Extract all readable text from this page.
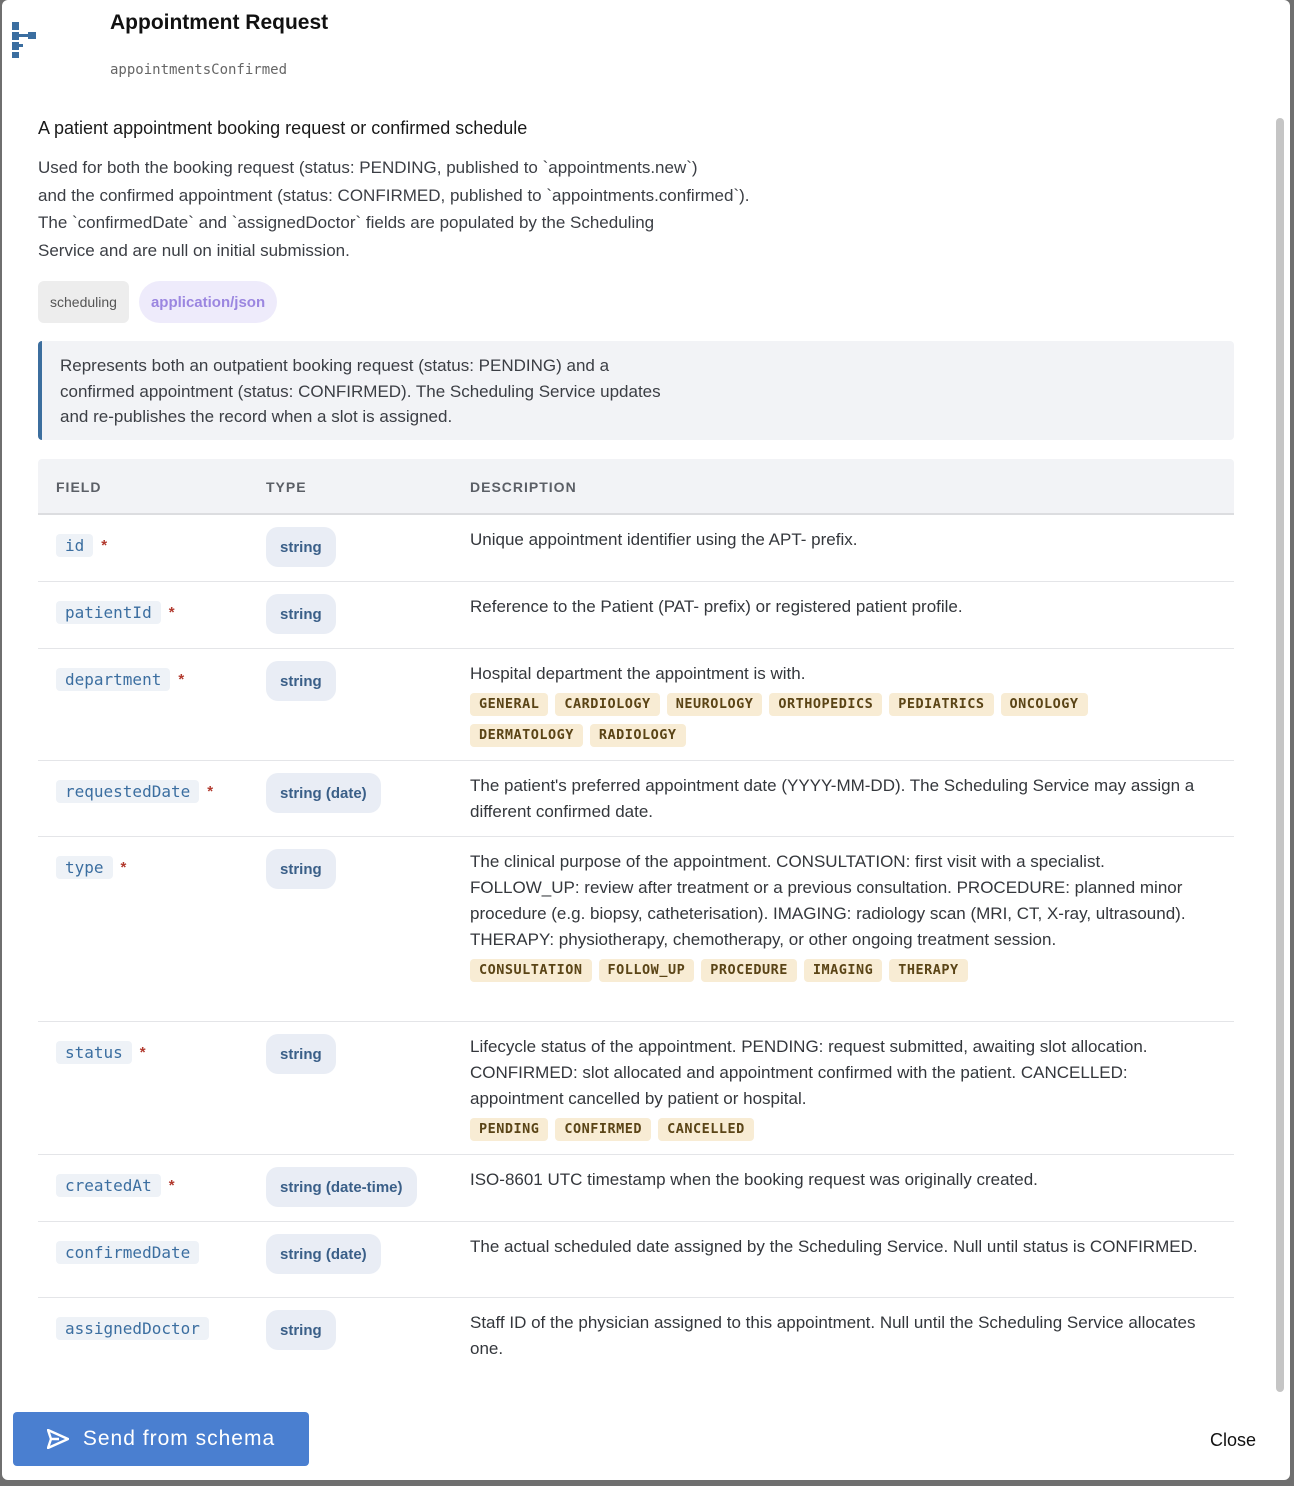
Appointment Request
appointmentsConfirmed
A patient appointment booking request or confirmed schedule
Used for both the booking request (status: PENDING, published to `appointments.new`)
and the confirmed appointment (status: CONFIRMED, published to `appointments.confirmed`).
The `confirmedDate` and `assignedDoctor` fields are populated by the Scheduling
Service and are null on initial submission.
scheduling	application/json
Represents both an outpatient booking request (status: PENDING) and a
confirmed appointment (status: CONFIRMED). The Scheduling Service updates
and re-publishes the record when a slot is assigned.
FIELD	TYPE	DESCRIPTION
id	*	string	Unique appointment identifier using the APT- prefix.
patientId	*	string	Reference to the Patient (PAT- prefix) or registered patient profile.
department	*	string	Hospital department the appointment is with.
GENERAL	CARDIOLOGY	NEUROLOGY	ORTHOPEDICS	PEDIATRICS	ONCOLOGY
DERMATOLOGY	RADIOLOGY
requestedDate	*	string (date)	The patient's preferred appointment date (YYYY-MM-DD). The Scheduling Service may assign a different confirmed date.
type	*	string	The clinical purpose of the appointment. CONSULTATION: first visit with a specialist. FOLLOW_UP: review after treatment or a previous consultation. PROCEDURE: planned minor procedure (e.g. biopsy, catheterisation). IMAGING: radiology scan (MRI, CT, X-ray, ultrasound). THERAPY: physiotherapy, chemotherapy, or other ongoing treatment session.
CONSULTATION	FOLLOW_UP	PROCEDURE	IMAGING	THERAPY
status	*	string	Lifecycle status of the appointment. PENDING: request submitted, awaiting slot allocation. CONFIRMED: slot allocated and appointment confirmed with the patient. CANCELLED: appointment cancelled by patient or hospital.
PENDING	CONFIRMED	CANCELLED
createdAt	*	string (date-time)	ISO-8601 UTC timestamp when the booking request was originally created.
confirmedDate	string (date)	The actual scheduled date assigned by the Scheduling Service. Null until status is CONFIRMED.
assignedDoctor	string	Staff ID of the physician assigned to this appointment. Null until the Scheduling Service allocates one.
Send from schema	Close
